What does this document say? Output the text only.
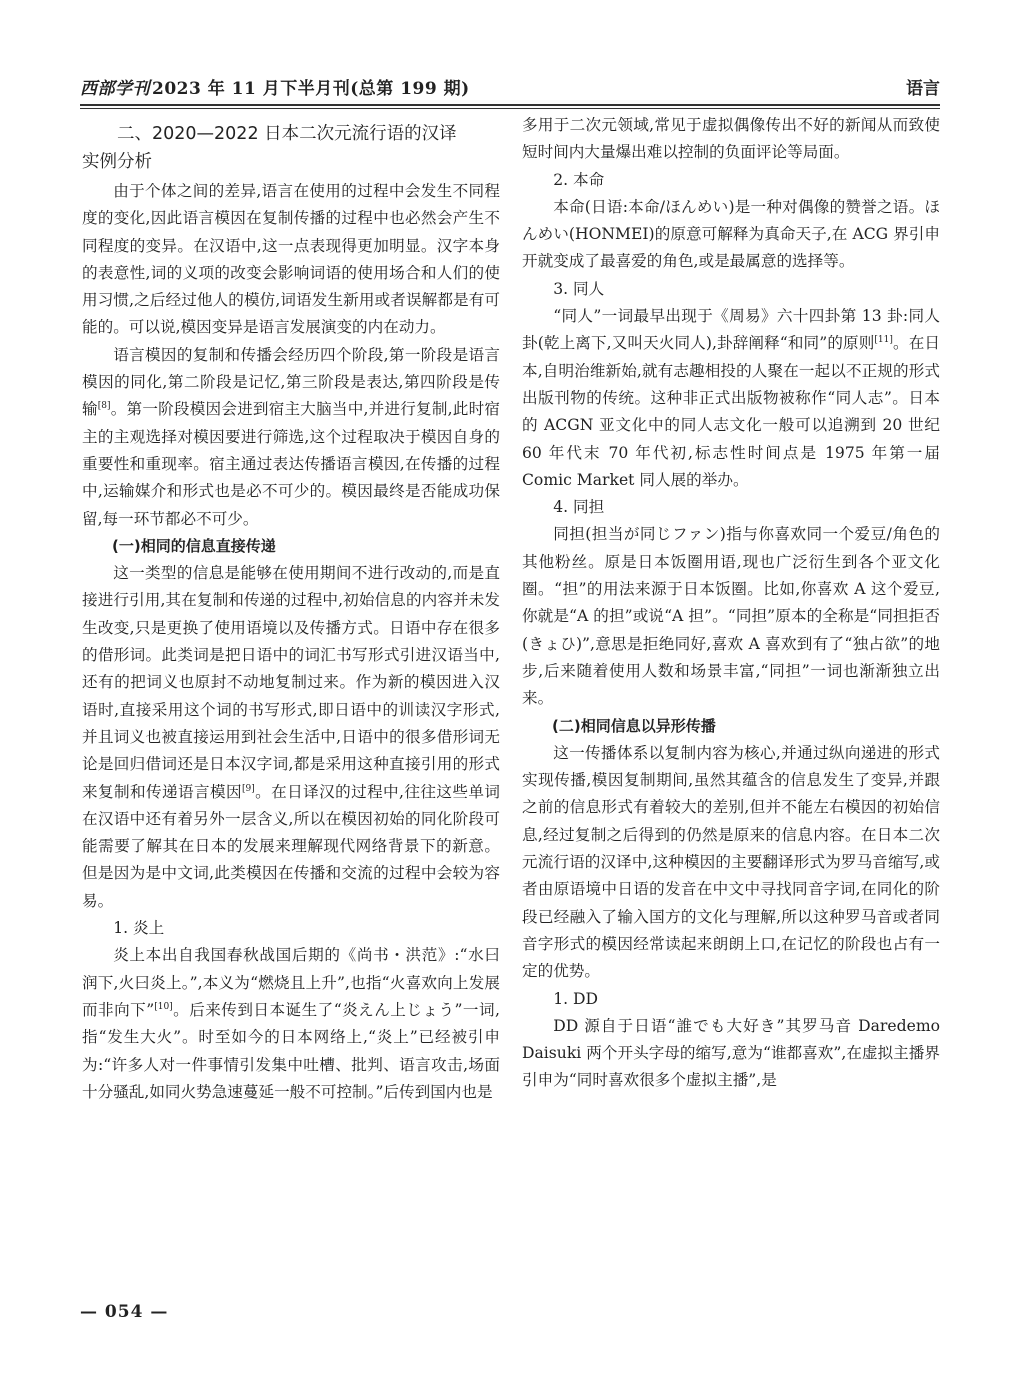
西部学刊 2023 年 11 月下半月刊(总第 199 期)	语言
二、2020—2022 日本二次元流行语的汉译
实例分析

由于个体之间的差异,语言在使用的过程中会发生不同程度的变化,因此语言模因在复制传播的过程中也必然会产生不同程度的变异。在汉语中,这一点表现得更加明显。汉字本身的表意性,词的义项的改变会影响词语的使用场合和人们的使用习惯,之后经过他人的模仿,词语发生新用或者误解都是有可能的。可以说,模因变异是语言发展演变的内在动力。

语言模因的复制和传播会经历四个阶段,第一阶段是语言模因的同化,第二阶段是记忆,第三阶段是表达,第四阶段是传输[8]。第一阶段模因会进到宿主大脑当中,并进行复制,此时宿主的主观选择对模因要进行筛选,这个过程取决于模因自身的重要性和重现率。宿主通过表达传播语言模因,在传播的过程中,运输媒介和形式也是必不可少的。模因最终是否能成功保留,每一环节都必不可少。

(一)相同的信息直接传递

这一类型的信息是能够在使用期间不进行改动的,而是直接进行引用,其在复制和传递的过程中,初始信息的内容并未发生改变,只是更换了使用语境以及传播方式。日语中存在很多的借形词。此类词是把日语中的词汇书写形式引进汉语当中,还有的把词义也原封不动地复制过来。作为新的模因进入汉语时,直接采用这个词的书写形式,即日语中的训读汉字形式,并且词义也被直接运用到社会生活中,日语中的很多借形词无论是回归借词还是日本汉字词,都是采用这种直接引用的形式来复制和传递语言模因[9]。在日译汉的过程中,往往这些单词在汉语中还有着另外一层含义,所以在模因初始的同化阶段可能需要了解其在日本的发展来理解现代网络背景下的新意。但是因为是中文词,此类模因在传播和交流的过程中会较为容易。

1. 炎上

炎上本出自我国春秋战国后期的《尚书・洪范》:“水曰润下,火曰炎上。”,本义为“燃烧且上升”,也指“火喜欢向上发展而非向下”[10]。后来传到日本诞生了“炎えん上じょう”一词,指“发生大火”。时至如今的日本网络上,“炎上”已经被引申为:“许多人对一件事情引发集中吐槽、批判、语言攻击,场面十分骚乱,如同火势急速蔓延一般不可控制。”后传到国内也是

多用于二次元领域,常见于虚拟偶像传出不好的新闻从而致使短时间内大量爆出难以控制的负面评论等局面。

2. 本命

本命(日语:本命/ほんめい)是一种对偶像的赞誉之语。ほんめい(HONMEI)的原意可解释为真命天子,在 ACG 界引申开就变成了最喜爱的角色,或是最属意的选择等。

3. 同人

“同人”一词最早出现于《周易》六十四卦第 13 卦:同人卦(乾上离下,又叫天火同人),卦辞阐释“和同”的原则[11]。在日本,自明治维新始,就有志趣相投的人聚在一起以不正规的形式出版刊物的传统。这种非正式出版物被称作“同人志”。日本的 ACGN 亚文化中的同人志文化一般可以追溯到 20 世纪 60 年代末 70 年代初,标志性时间点是 1975 年第一届 Comic Market 同人展的举办。

4. 同担

同担(担当が同じファン)指与你喜欢同一个爱豆/角色的其他粉丝。原是日本饭圈用语,现也广泛衍生到各个亚文化圈。“担”的用法来源于日本饭圈。比如,你喜欢 A 这个爱豆,你就是“A 的担”或说“A 担”。“同担”原本的全称是“同担拒否(きょひ)”,意思是拒绝同好,喜欢 A 喜欢到有了“独占欲”的地步,后来随着使用人数和场景丰富,“同担”一词也渐渐独立出来。

(二)相同信息以异形传播

这一传播体系以复制内容为核心,并通过纵向递进的形式实现传播,模因复制期间,虽然其蕴含的信息发生了变异,并跟之前的信息形式有着较大的差别,但并不能左右模因的初始信息,经过复制之后得到的仍然是原来的信息内容。在日本二次元流行语的汉译中,这种模因的主要翻译形式为罗马音缩写,或者由原语境中日语的发音在中文中寻找同音字词,在同化的阶段已经融入了输入国方的文化与理解,所以这种罗马音或者同音字形式的模因经常读起来朗朗上口,在记忆的阶段也占有一定的优势。

1. DD

DD 源自于日语“誰でも大好き”其罗马音 Daredemo Daisuki 两个开头字母的缩写,意为“谁都喜欢”,在虚拟主播界引申为“同时喜欢很多个虚拟主播”,是

— 054 —
